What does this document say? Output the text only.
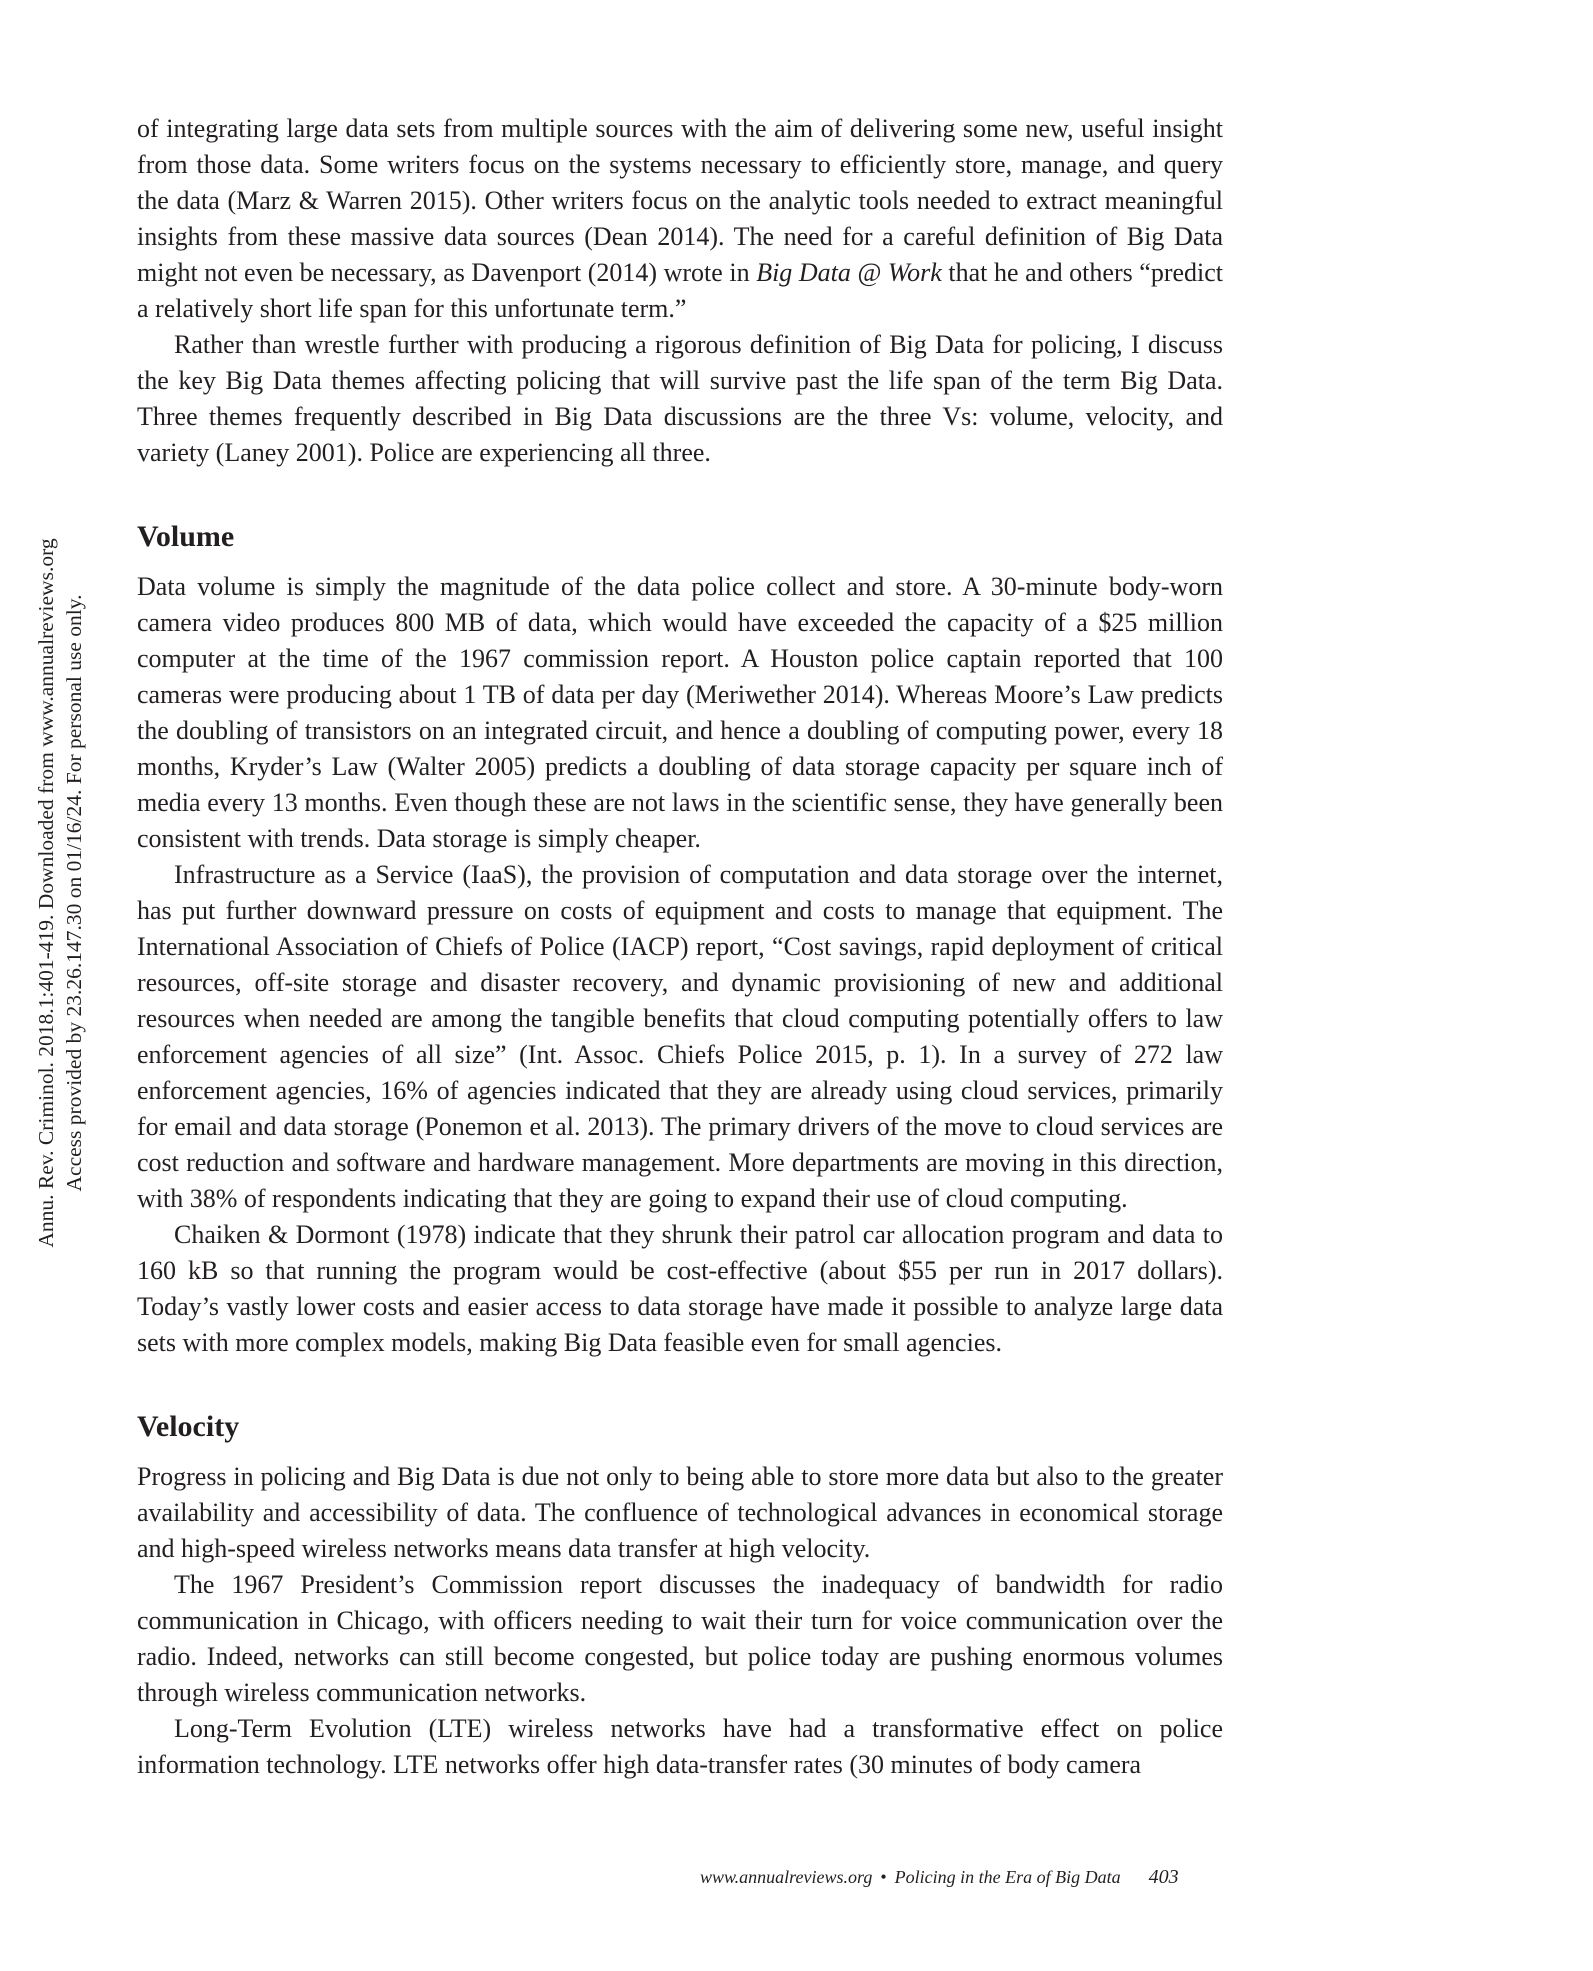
Annu. Rev. Criminol. 2018.1:401-419. Downloaded from www.annualreviews.org Access provided by 23.26.147.30 on 01/16/24. For personal use only.

of integrating large data sets from multiple sources with the aim of delivering some new, useful insight from those data. Some writers focus on the systems necessary to efficiently store, manage, and query the data (Marz & Warren 2015). Other writers focus on the analytic tools needed to extract meaningful insights from these massive data sources (Dean 2014). The need for a careful definition of Big Data might not even be necessary, as Davenport (2014) wrote in Big Data @ Work that he and others “predict a relatively short life span for this unfortunate term.”

Rather than wrestle further with producing a rigorous definition of Big Data for policing, I discuss the key Big Data themes affecting policing that will survive past the life span of the term Big Data. Three themes frequently described in Big Data discussions are the three Vs: volume, velocity, and variety (Laney 2001). Police are experiencing all three.

Volume

Data volume is simply the magnitude of the data police collect and store. A 30-minute body-worn camera video produces 800 MB of data, which would have exceeded the capacity of a $25 million computer at the time of the 1967 commission report. A Houston police captain reported that 100 cameras were producing about 1 TB of data per day (Meriwether 2014). Whereas Moore’s Law predicts the doubling of transistors on an integrated circuit, and hence a doubling of computing power, every 18 months, Kryder’s Law (Walter 2005) predicts a doubling of data storage capacity per square inch of media every 13 months. Even though these are not laws in the scientific sense, they have generally been consistent with trends. Data storage is simply cheaper.

Infrastructure as a Service (IaaS), the provision of computation and data storage over the internet, has put further downward pressure on costs of equipment and costs to manage that equipment. The International Association of Chiefs of Police (IACP) report, “Cost savings, rapid deployment of critical resources, off-site storage and disaster recovery, and dynamic provisioning of new and additional resources when needed are among the tangible benefits that cloud computing potentially offers to law enforcement agencies of all size” (Int. Assoc. Chiefs Police 2015, p. 1). In a survey of 272 law enforcement agencies, 16% of agencies indicated that they are already using cloud services, primarily for email and data storage (Ponemon et al. 2013). The primary drivers of the move to cloud services are cost reduction and software and hardware management. More departments are moving in this direction, with 38% of respondents indicating that they are going to expand their use of cloud computing.

Chaiken & Dormont (1978) indicate that they shrunk their patrol car allocation program and data to 160 kB so that running the program would be cost-effective (about $55 per run in 2017 dollars). Today’s vastly lower costs and easier access to data storage have made it possible to analyze large data sets with more complex models, making Big Data feasible even for small agencies.

Velocity

Progress in policing and Big Data is due not only to being able to store more data but also to the greater availability and accessibility of data. The confluence of technological advances in economical storage and high-speed wireless networks means data transfer at high velocity.

The 1967 President’s Commission report discusses the inadequacy of bandwidth for radio communication in Chicago, with officers needing to wait their turn for voice communication over the radio. Indeed, networks can still become congested, but police today are pushing enormous volumes through wireless communication networks.

Long-Term Evolution (LTE) wireless networks have had a transformative effect on police information technology. LTE networks offer high data-transfer rates (30 minutes of body camera

www.annualreviews.org • Policing in the Era of Big Data 403
